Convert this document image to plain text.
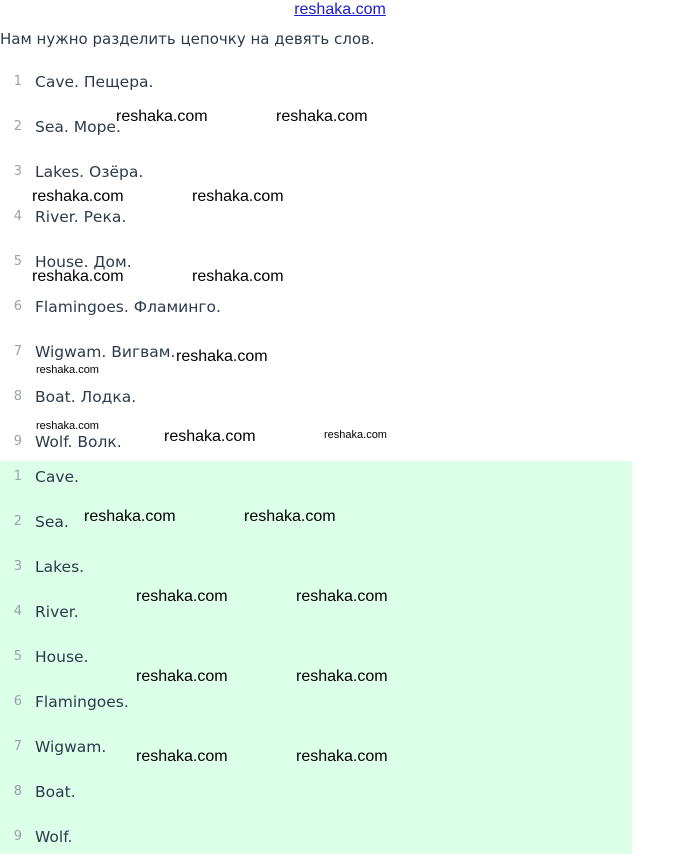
reshaka.com
Нам нужно разделить цепочку на девять слов.
1 Cave. Пещера.
2 Sea. Море.
3 Lakes. Озёра.
4 River. Река.
5 House. Дом.
6 Flamingoes. Фламинго.
7 Wigwam. Вигвам.
8 Boat. Лодка.
9 Wolf. Волк.
1 Cave.
2 Sea.
3 Lakes.
4 River.
5 House.
6 Flamingoes.
7 Wigwam.
8 Boat.
9 Wolf.
reshaka.com	reshaka.com
reshaka.com	reshaka.com
reshaka.com	reshaka.com
reshaka.com
reshaka.com
reshaka.com
reshaka.com	reshaka.com
reshaka.com	reshaka.com
reshaka.com	reshaka.com
reshaka.com	reshaka.com
reshaka.com	reshaka.com
